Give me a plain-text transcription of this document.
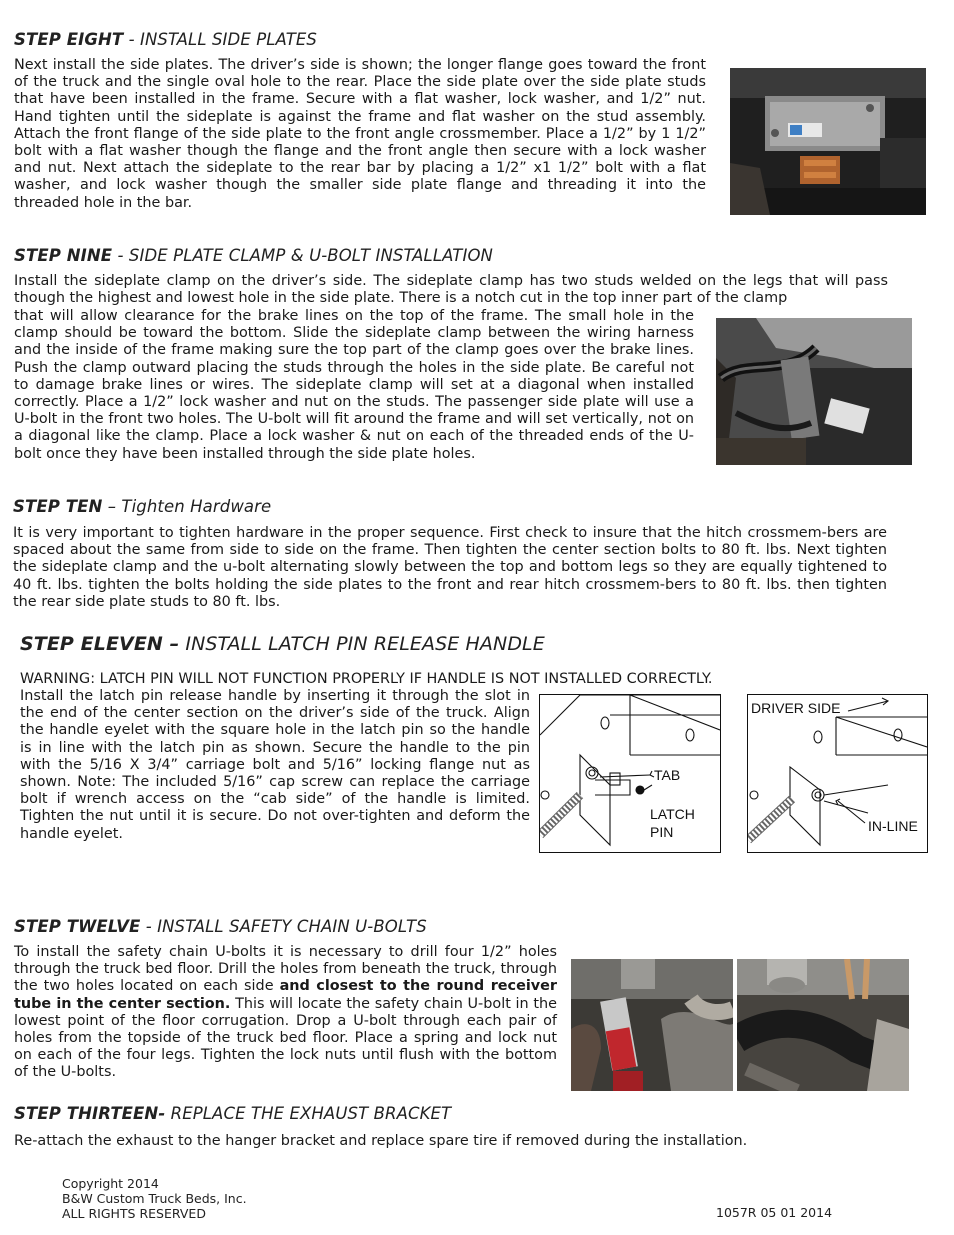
STEP EIGHT - INSTALL SIDE PLATES

Next install the side plates. The driver’s side is shown; the longer flange goes toward the front of the truck and the single oval hole to the rear. Place the side plate over the side plate studs that have been installed in the frame. Secure with a flat washer, lock washer, and 1/2” nut. Hand tighten until the sideplate is against the frame and flat washer on the stud assembly. Attach the front flange of the side plate to the front angle crossmember. Place a 1/2” by 1 1/2” bolt with a flat washer though the flange and the front angle then secure with a lock washer and nut. Next attach the sideplate to the rear bar by placing a 1/2” x1 1/2” bolt with a flat washer, and lock washer though the smaller side plate flange and threading it into the threaded hole in the bar.

STEP NINE - SIDE PLATE CLAMP & U-BOLT INSTALLATION

Install the sideplate clamp on the driver’s side. The sideplate clamp has two studs welded on the legs that will pass though the highest and lowest hole in the side plate. There is a notch cut in the top inner part of the clamp

that will allow clearance for the brake lines on the top of the frame. The small hole in the clamp should be toward the bottom. Slide the sideplate clamp between the wiring harness and the inside of the frame making sure the top part of the clamp goes over the brake lines. Push the clamp outward placing the studs through the holes in the side plate. Be careful not to damage brake lines or wires. The sideplate clamp will set at a diagonal when installed correctly. Place a 1/2” lock washer and nut on the studs. The passenger side plate will use a U-bolt in the front two holes. The U-bolt will fit around the frame and will set vertically, not on a diagonal like the clamp. Place a lock washer & nut on each of the threaded ends of the U-bolt once they have been installed through the side plate holes.

STEP TEN – Tighten Hardware

It is very important to tighten hardware in the proper sequence. First check to insure that the hitch crossmem-bers are spaced about the same from side to side on the frame. Then tighten the center section bolts to 80 ft. lbs. Next tighten the sideplate clamp and the u-bolt alternating slowly between the top and bottom legs so they are equally tightened to 40 ft. lbs. tighten the bolts holding the side plates to the front and rear hitch crossmem-bers to 80 ft. lbs. then tighten the rear side plate studs to 80 ft. lbs.

STEP ELEVEN – INSTALL LATCH PIN RELEASE HANDLE

WARNING: LATCH PIN WILL NOT FUNCTION PROPERLY IF HANDLE IS NOT INSTALLED CORRECTLY.

Install the latch pin release handle by inserting it through the slot in the end of the center section on the driver’s side of the truck. Align the handle eyelet with the square hole in the latch pin so the handle is in line with the latch pin as shown. Secure the handle to the pin with the 5/16 X 3/4” carriage bolt and 5/16” locking flange nut as shown. Note: The included 5/16” cap screw can replace the carriage bolt if wrench access on the “cab side” of the handle is limited. Tighten the nut until it is secure. Do not over-tighten and deform the handle eyelet.

TAB
LATCH
PIN
DRIVER SIDE
IN-LINE
STEP TWELVE - INSTALL SAFETY CHAIN U-BOLTS

To install the safety chain U-bolts it is necessary to drill four 1/2” holes through the truck bed floor. Drill the holes from beneath the truck, through the two holes located on each side and closest to the round receiver tube in the center section. This will locate the safety chain U-bolt in the lowest point of the floor corrugation. Drop a U-bolt through each pair of holes from the topside of the truck bed floor. Place a spring and lock nut on each of the four legs. Tighten the lock nuts until flush with the bottom of the U-bolts.

STEP THIRTEEN- REPLACE THE EXHAUST BRACKET

Re-attach the exhaust to the hanger bracket and replace spare tire if removed during the installation.

Copyright 2014
B&W Custom Truck Beds, Inc.
ALL RIGHTS RESERVED	1057R 05 01 2014
